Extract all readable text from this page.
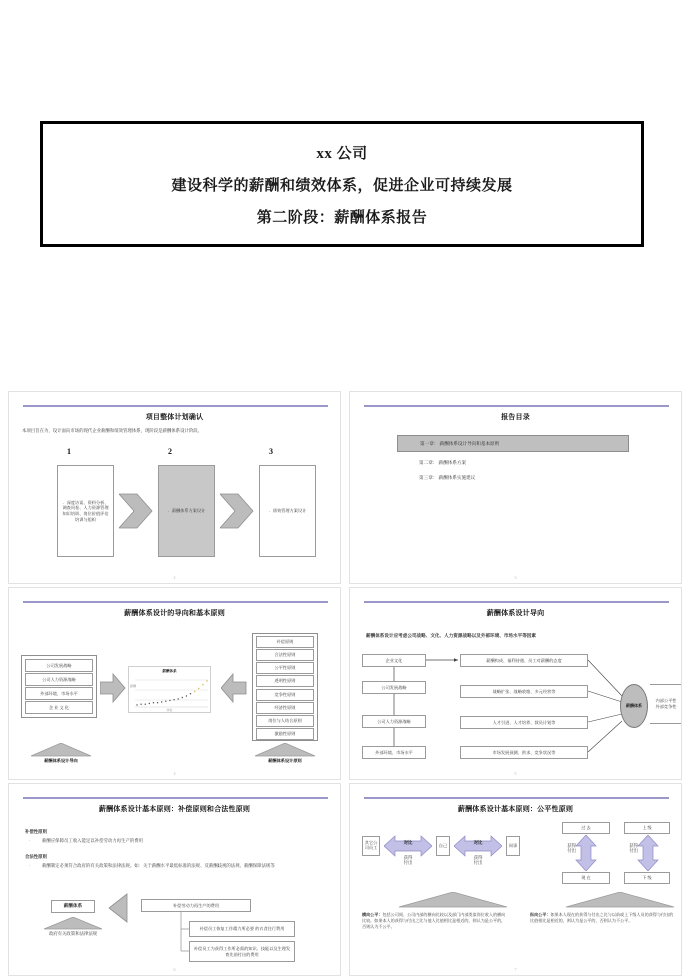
xx 公司
建设科学的薪酬和绩效体系，促进企业可持续发展
第二阶段：薪酬体系报告
项目整体计划确认
本项目旨在为，设计面向市场的现代企业薪酬和绩效管理体系，现阶段是薪酬体系设计阶段。
1	2	3
．深度访谈、资料分析、调查问卷、人力资源管理知识培训、岗位价值评估培训与组织
．薪酬体系方案设计	．绩效管理方案设计
2
报告目录
第一章： 薪酬体系设计导向和基本原则
第二章： 薪酬体系方案
第三章： 薪酬体系实施建议
3
薪酬体系设计的导向和基本原则
公司发展战略
公司人力资源战略
外部环境、市场水平
企 业 文 化
补偿原则
合法性原则
公平性原则
透明性原则
竞争性原则
经济性原则
岗位与人结合原则
激励性原则
薪酬体系
薪酬
岗位
薪酬体系设计导向	薪酬体系设计原则
4
薪酬体系设计导向
薪酬体系设计应考虑公司战略、文化、人力资源战略以及外部环境、市场水平等因素
企业文化
公司发展战略
公司人力资源战略
外部环境、市场水平
薪酬构成、福利待遇、员工对薪酬的态度
战略扩张、战略收缩、多元经营等
人才引进、人才培养、裁员计划等
市场发展预测、供求、竞争状况等
薪酬体系
内部公平性
外部竞争性
5
薪酬体系设计基本原则：补偿原则和合法性原则
补偿性原则
·	薪酬应保障员工收入能足以补偿劳动力再生产的费用
合法性原则
·	薪酬制定必须符合政府的有关政策和法律法规。如：关于薪酬水平最低标准的法规、反薪酬歧视的法规、薪酬保障法规等
薪酬体系
政府有关政策和法律法规
补偿劳动力再生产的费用
补偿员工恢复工作精力所必要 的衣食住行费用
补偿员工为获得工作所必需的知识、技能以及生理发育先前付出的费用
6
薪酬体系设计基本原则：公平性原则
其它公司员工
对比
获得
付出
自己
对比
获得
付出
同事
过 去
获得
付出
现 在
上 级
获得
付出
下 级
横向公平：包括公司间、公司内部的横向比较以及部门内部类似岗位收入的横向比较。如果本人的获得与付出之比与他人比值相比是相近的，则认为是公平的，否则认为不公平。
纵向公平：如果本人现在的获得与付出之比与以前或上下级人员的获得与付出的比值相比是相近的，则认为是公平的，否则认为不公平。
7
